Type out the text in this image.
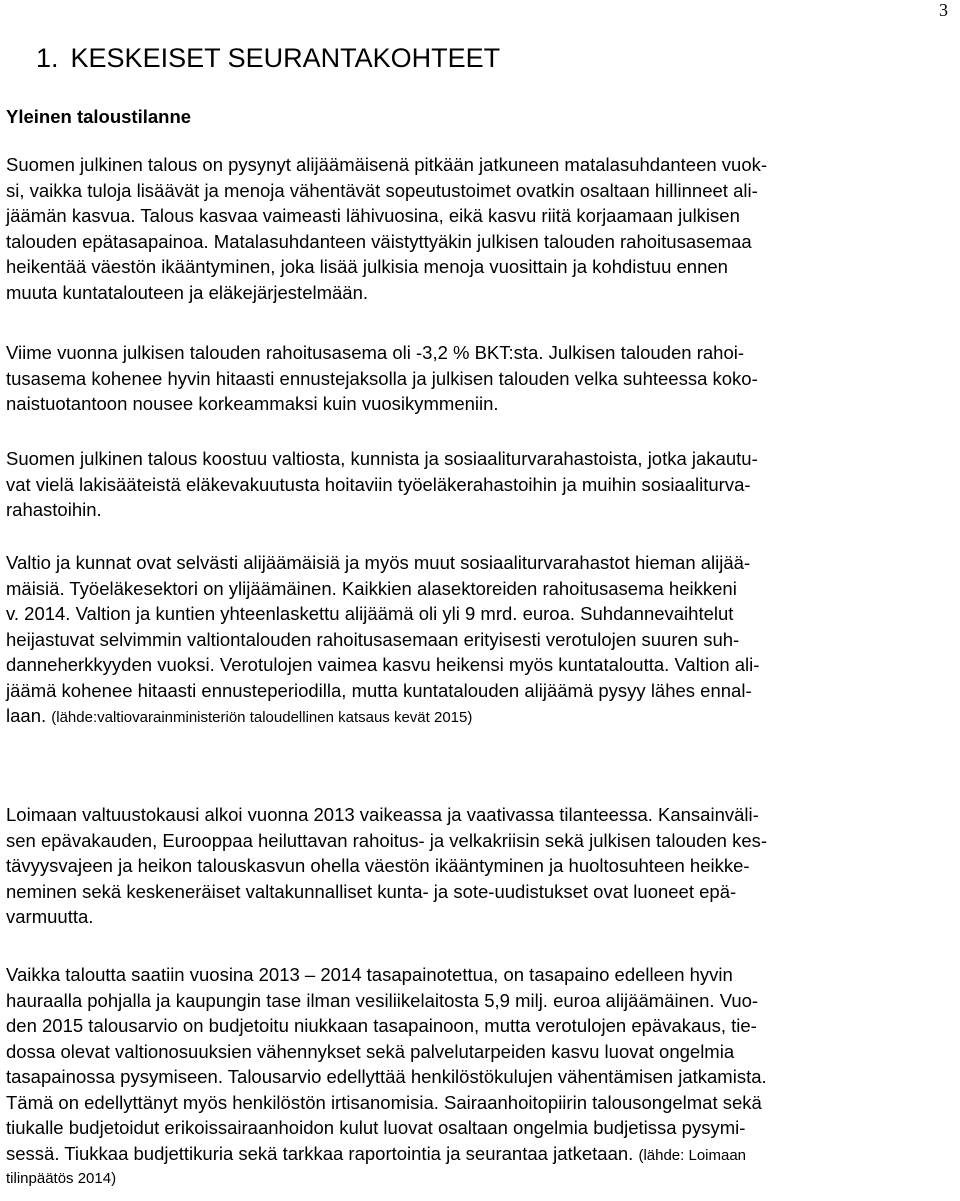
3
1. KESKEISET SEURANTAKOHTEET
Yleinen taloustilanne
Suomen julkinen talous on pysynyt alijäämäisenä pitkään jatkuneen matalasuhdanteen vuok-
si, vaikka tuloja lisäävät ja menoja vähentävät sopeutustoimet ovatkin osaltaan hillinneet ali-
jäämän kasvua. Talous kasvaa vaimeasti lähivuosina, eikä kasvu riitä korjaamaan julkisen
talouden epätasapainoa. Matalasuhdanteen väistyttyäkin julkisen talouden rahoitusasemaa
heikentää väestön ikääntyminen, joka lisää julkisia menoja vuosittain ja kohdistuu ennen
muuta kuntatalouteen ja eläkejärjestelmään.
Viime vuonna julkisen talouden rahoitusasema oli -3,2 % BKT:sta. Julkisen talouden rahoi-
tusasema kohenee hyvin hitaasti ennustejaksolla ja julkisen talouden velka suhteessa koko-
naistuotantoon nousee korkeammaksi kuin vuosikymmeniin.
Suomen julkinen talous koostuu valtiosta, kunnista ja sosiaaliturvarahastoista, jotka jakautu-
vat vielä lakisääteistä eläkevakuutusta hoitaviin työeläkerahastoihin ja muihin sosiaaliturva-
rahastoihin.
Valtio ja kunnat ovat selvästi alijäämäisiä ja myös muut sosiaaliturvarahastot hieman alijää-
mäisiä. Työeläkesektori on ylijäämäinen. Kaikkien alasektoreiden rahoitusasema heikkeni
v. 2014. Valtion ja kuntien yhteenlaskettu alijäämä oli yli 9 mrd. euroa. Suhdannevaihtelut
heijastuvat selvimmin valtiontalouden rahoitusasemaan erityisesti verotulojen suuren suh-
danneherkkyyden vuoksi. Verotulojen vaimea kasvu heikensi myös kuntataloutta. Valtion ali-
jäämä kohenee hitaasti ennusteperiodilla, mutta kuntatalouden alijäämä pysyy lähes ennal-
laan. (lähde:valtiovarainministeriön taloudellinen katsaus kevät 2015)
Loimaan valtuustokausi alkoi vuonna 2013 vaikeassa ja vaativassa tilanteessa. Kansainväli-
sen epävakauden, Eurooppaa heiluttavan rahoitus- ja velkakriisin sekä julkisen talouden kes-
tävyysvajeen ja heikon talouskasvun ohella väestön ikääntyminen ja huoltosuhteen heikke-
neminen sekä keskeneräiset valtakunnalliset kunta- ja sote-uudistukset ovat luoneet epä-
varmuutta.
Vaikka taloutta saatiin vuosina 2013 – 2014 tasapainotettua, on tasapaino edelleen hyvin
hauraalla pohjalla ja kaupungin tase ilman vesiliikelaitosta 5,9 milj. euroa alijäämäinen. Vuo-
den 2015 talousarvio on budjetoitu niukkaan tasapainoon, mutta verotulojen epävakaus, tie-
dossa olevat valtionosuuksien vähennykset sekä palvelutarpeiden kasvu luovat ongelmia
tasapainossa pysymiseen. Talousarvio edellyttää henkilöstökulujen vähentämisen jatkamista.
Tämä on edellyttänyt myös henkilöstön irtisanomisia. Sairaanhoitopiirin talousongelmat sekä
tiukalle budjetoidut erikoissairaanhoidon kulut luovat osaltaan ongelmia budjetissa pysymi-
sessä. Tiukkaa budjettikuria sekä tarkkaa raportointia ja seurantaa jatketaan. (lähde: Loimaan
tilinpäätös 2014)
